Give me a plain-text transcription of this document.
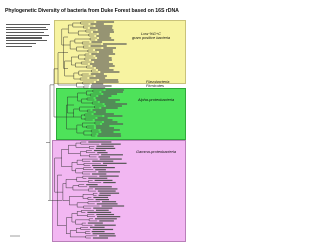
Phylogenetic Diversity of bacteria from Duke Forest based on 16S rDNA
Low %G+C
gram positive bacteria
Flavobacteria
Firmicutes
Alpha-proteobacteria
Gamma-proteobacteria
